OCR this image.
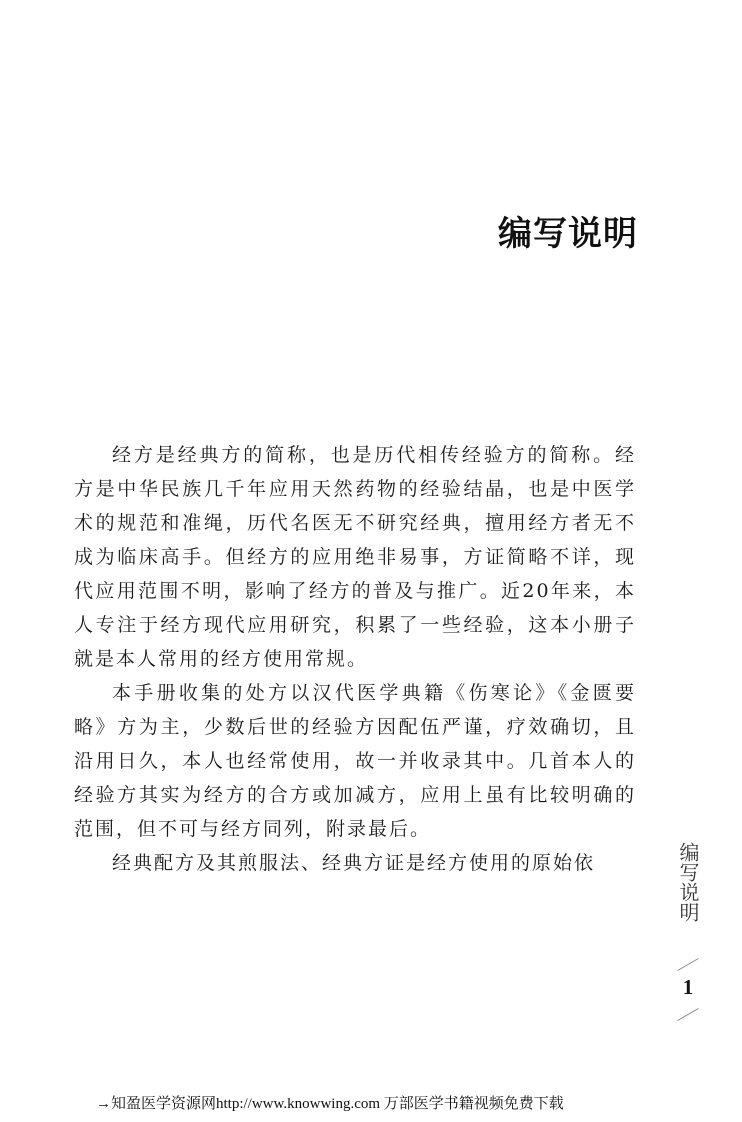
编写说明

经方是经典方的简称，也是历代相传经验方的简称。经方是中华民族几千年应用天然药物的经验结晶，也是中医学术的规范和准绳，历代名医无不研究经典，擅用经方者无不成为临床高手。但经方的应用绝非易事，方证简略不详，现代应用范围不明，影响了经方的普及与推广。近20年来，本人专注于经方现代应用研究，积累了一些经验，这本小册子就是本人常用的经方使用常规。

本手册收集的处方以汉代医学典籍《伤寒论》《金匮要略》方为主，少数后世的经验方因配伍严谨，疗效确切，且沿用日久，本人也经常使用，故一并收录其中。几首本人的经验方其实为经方的合方或加减方，应用上虽有比较明确的范围，但不可与经方同列，附录最后。

经典配方及其煎服法、经典方证是经方使用的原始依	编写说明
1
→知盈医学资源网http://www.knowwing.com 万部医学书籍视频免费下载
